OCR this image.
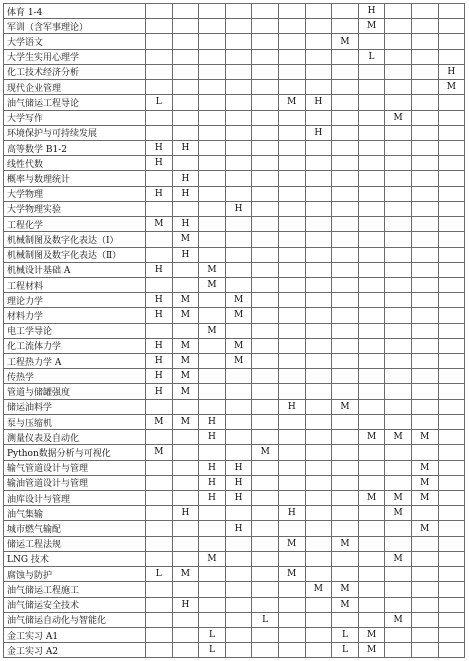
体育 1-4									H			
军训（含军事理论）									M			
大学语文								M				
大学生实用心理学									L			
化工技术经济分析												H
现代企业管理												M
油气储运工程导论	L					M	H					
大学写作										M		
环境保护与可持续发展							H					
高等数学 B1-2	H	H										
线性代数	H											
概率与数理统计		H										
大学物理	H	H										
大学物理实验				H								
工程化学	M	H										
机械制图及数字化表达（Ⅰ）		M										
机械制图及数字化表达（Ⅱ）		H										
机械设计基础 A	H		M									
工程材料			M									
理论力学	H	M		M								
材料力学	H	M		M								
电工学导论			M									
化工流体力学	H	M		M								
工程热力学 A	H	M		M								
传热学	H	M										
管道与储罐强度	H	M										
储运油料学						H		M				
泵与压缩机	M	M	H									
测量仪表及自动化			H						M	M	M	
Python数据分析与可视化	M				M							
输气管道设计与管理			H	H							M	
输油管道设计与管理			H	H							M	
油库设计与管理			H	H					M	M	M	
油气集输		H				H				M		
城市燃气输配				H							M	
储运工程法规						M		M				
LNG 技术			M							M		
腐蚀与防护	L	M				M						
油气储运工程施工							M	M				
油气储运安全技术		H						M				
油气储运自动化与智能化					L					M		
金工实习 A1			L					L	M			
金工实习 A2			L					L	M			
